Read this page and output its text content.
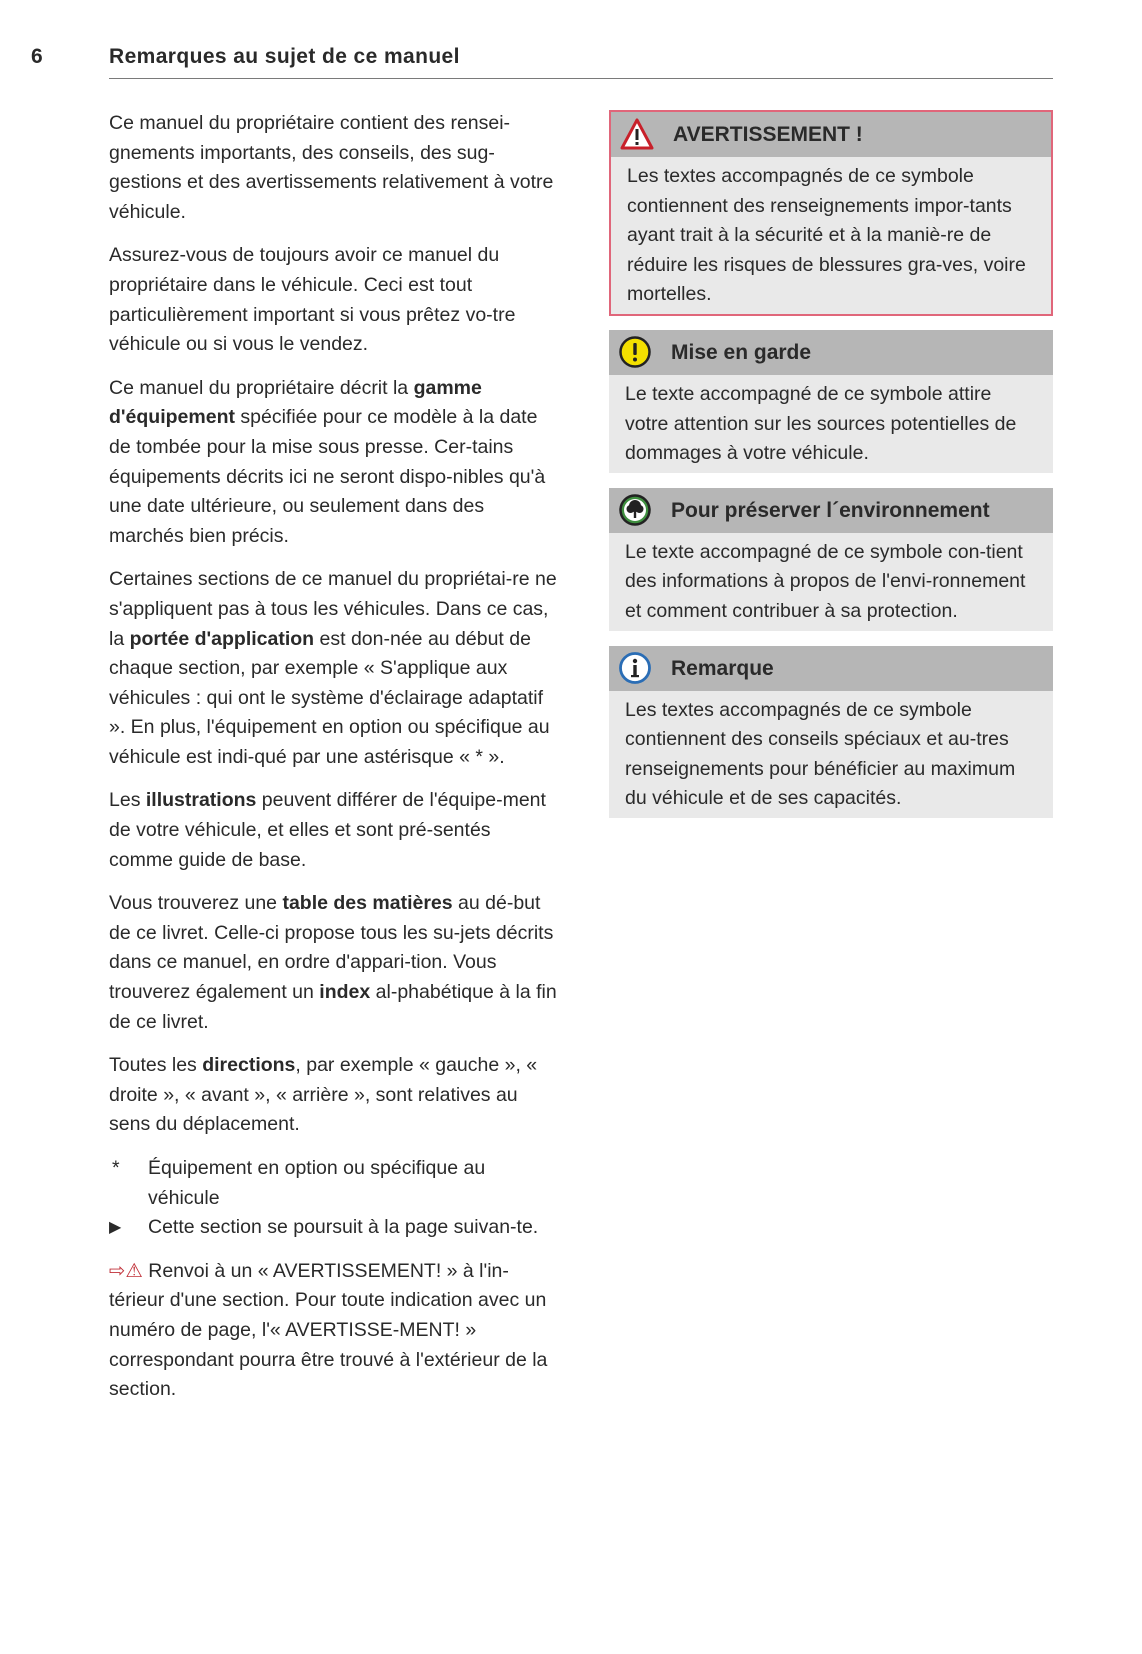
6	Remarques au sujet de ce manuel

Ce manuel du propriétaire contient des rensei-gnements importants, des conseils, des sug-gestions et des avertissements relativement à votre véhicule.

Assurez-vous de toujours avoir ce manuel du propriétaire dans le véhicule. Ceci est tout particulièrement important si vous prêtez vo-tre véhicule ou si vous le vendez.

Ce manuel du propriétaire décrit la gamme d'équipement spécifiée pour ce modèle à la date de tombée pour la mise sous presse. Cer-tains équipements décrits ici ne seront dispo-nibles qu'à une date ultérieure, ou seulement dans des marchés bien précis.

Certaines sections de ce manuel du propriétai-re ne s'appliquent pas à tous les véhicules. Dans ce cas, la portée d'application est don-née au début de chaque section, par exemple « S'applique aux véhicules : qui ont le système d'éclairage adaptatif ». En plus, l'équipement en option ou spécifique au véhicule est indi-qué par une astérisque « * ».

Les illustrations peuvent différer de l'équipe-ment de votre véhicule, et elles et sont pré-sentés comme guide de base.

Vous trouverez une table des matières au dé-but de ce livret. Celle-ci propose tous les su-jets décrits dans ce manuel, en ordre d'appari-tion. Vous trouverez également un index al-phabétique à la fin de ce livret.

Toutes les directions, par exemple « gauche », « droite », « avant », « arrière », sont relatives au sens du déplacement.

* Équipement en option ou spécifique au véhicule
▶ Cette section se poursuit à la page suivan-te.

⇨⚠ Renvoi à un « AVERTISSEMENT! » à l'in-térieur d'une section. Pour toute indication avec un numéro de page, l'« AVERTISSE-MENT! » correspondant pourra être trouvé à l'extérieur de la section.

AVERTISSEMENT !
Les textes accompagnés de ce symbole contiennent des renseignements impor-tants ayant trait à la sécurité et à la maniè-re de réduire les risques de blessures gra-ves, voire mortelles.
Mise en garde
Le texte accompagné de ce symbole attire votre attention sur les sources potentielles de dommages à votre véhicule.
Pour préserver l´environnement
Le texte accompagné de ce symbole con-tient des informations à propos de l'envi-ronnement et comment contribuer à sa protection.
Remarque
Les textes accompagnés de ce symbole contiennent des conseils spéciaux et au-tres renseignements pour bénéficier au maximum du véhicule et de ses capacités.
